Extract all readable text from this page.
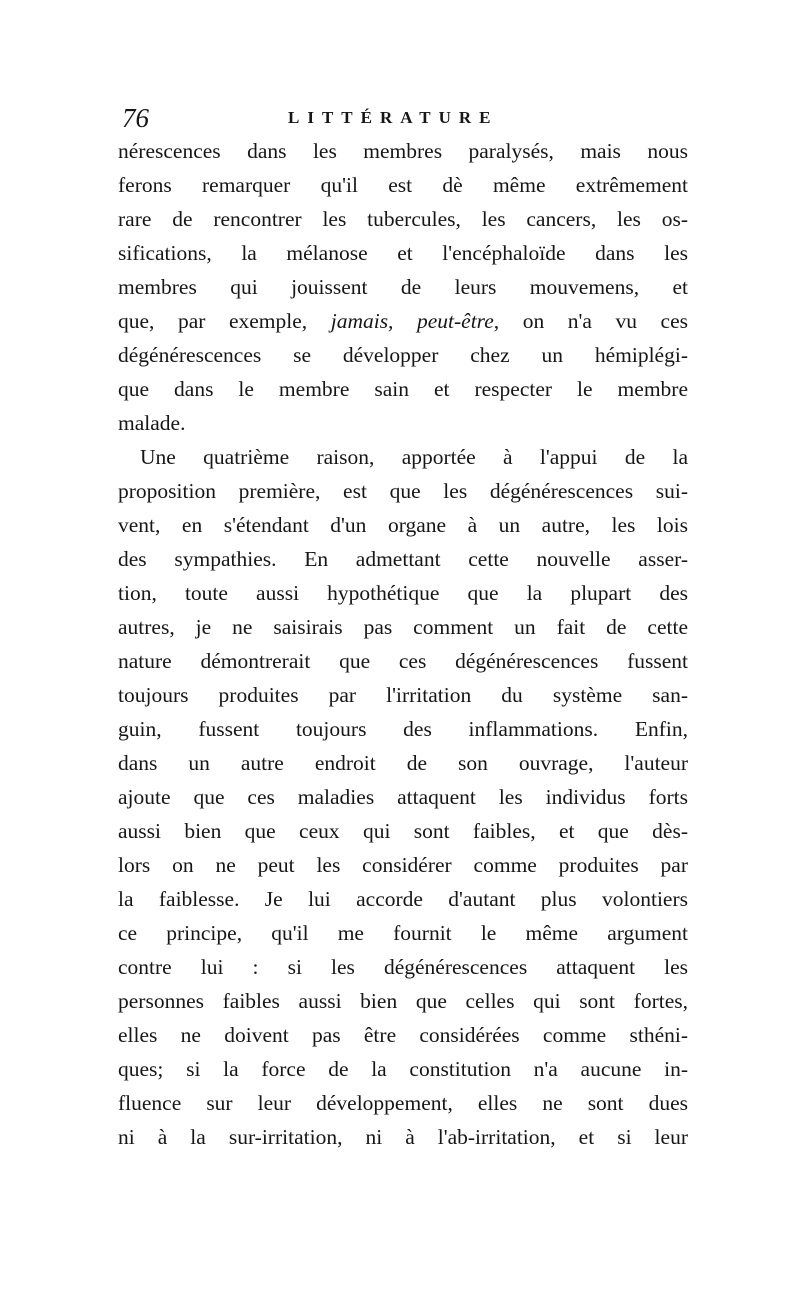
76	LITTÉRATURE
nérescences dans les membres paralysés, mais nous
ferons remarquer qu'il est dè même extrêmement
rare de rencontrer les tubercules, les cancers, les os-
sifications, la mélanose et l'encéphaloïde dans les
membres qui jouissent de leurs mouvemens, et
que, par exemple, jamais, peut-être, on n'a vu ces
dégénérescences se développer chez un hémiplégi-
que dans le membre sain et respecter le membre
malade.
Une quatrième raison, apportée à l'appui de la
proposition première, est que les dégénérescences sui-
vent, en s'étendant d'un organe à un autre, les lois
des sympathies. En admettant cette nouvelle asser-
tion, toute aussi hypothétique que la plupart des
autres, je ne saisirais pas comment un fait de cette
nature démontrerait que ces dégénérescences fussent
toujours produites par l'irritation du système san-
guin, fussent toujours des inflammations. Enfin,
dans un autre endroit de son ouvrage, l'auteur
ajoute que ces maladies attaquent les individus forts
aussi bien que ceux qui sont faibles, et que dès-
lors on ne peut les considérer comme produites par
la faiblesse. Je lui accorde d'autant plus volontiers
ce principe, qu'il me fournit le même argument
contre lui : si les dégénérescences attaquent les
personnes faibles aussi bien que celles qui sont fortes,
elles ne doivent pas être considérées comme sthéni-
ques; si la force de la constitution n'a aucune in-
fluence sur leur développement, elles ne sont dues
ni à la sur-irritation, ni à l'ab-irritation, et si leur
